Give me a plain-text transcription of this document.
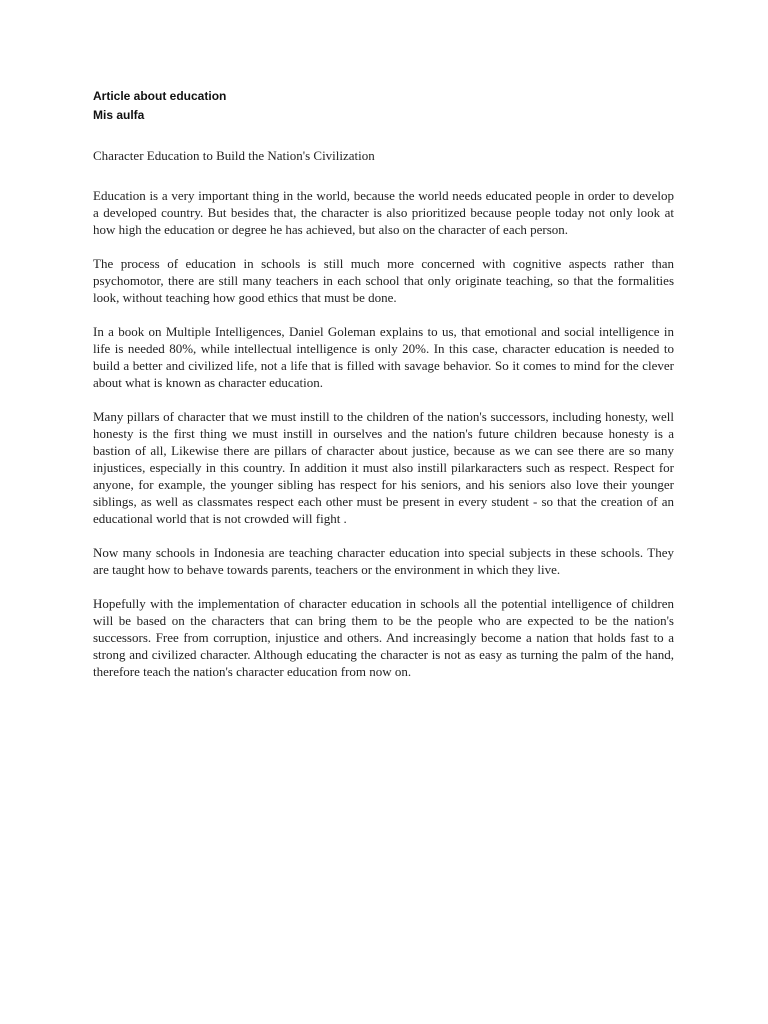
Article about education
Mis aulfa
Character Education to Build the Nation's Civilization

Education is a very important thing in the world, because the world needs educated people in order to develop a developed country. But besides that, the character is also prioritized because people today not only look at how high the education or degree he has achieved, but also on the character of each person.

The process of education in schools is still much more concerned with cognitive aspects rather than psychomotor, there are still many teachers in each school that only originate teaching, so that the formalities look, without teaching how good ethics that must be done.

In a book on Multiple Intelligences, Daniel Goleman explains to us, that emotional and social intelligence in life is needed 80%, while intellectual intelligence is only 20%. In this case, character education is needed to build a better and civilized life, not a life that is filled with savage behavior. So it comes to mind for the clever about what is known as character education.

Many pillars of character that we must instill to the children of the nation's successors, including honesty, well honesty is the first thing we must instill in ourselves and the nation's future children because honesty is a bastion of all, Likewise there are pillars of character about justice, because as we can see there are so many injustices, especially in this country. In addition it must also instill pilarkaracters such as respect. Respect for anyone, for example, the younger sibling has respect for his seniors, and his seniors also love their younger siblings, as well as classmates respect each other must be present in every student - so that the creation of an educational world that is not crowded will fight .

Now many schools in Indonesia are teaching character education into special subjects in these schools. They are taught how to behave towards parents, teachers or the environment in which they live.

Hopefully with the implementation of character education in schools all the potential intelligence of children will be based on the characters that can bring them to be the people who are expected to be the nation's successors. Free from corruption, injustice and others. And increasingly become a nation that holds fast to a strong and civilized character. Although educating the character is not as easy as turning the palm of the hand, therefore teach the nation's character education from now on.
